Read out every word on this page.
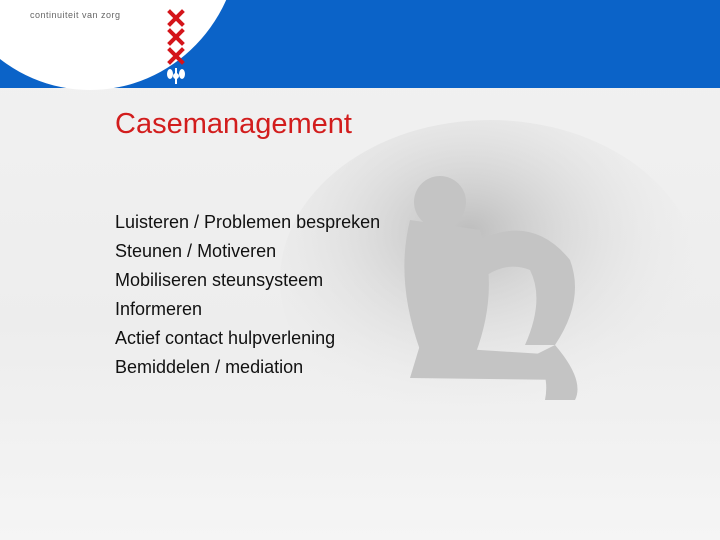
continuiteit van zorg
Casemanagement
Luisteren / Problemen bespreken
Steunen / Motiveren
Mobiliseren steunsysteem
Informeren
Actief contact hulpverlening
Bemiddelen / mediation
